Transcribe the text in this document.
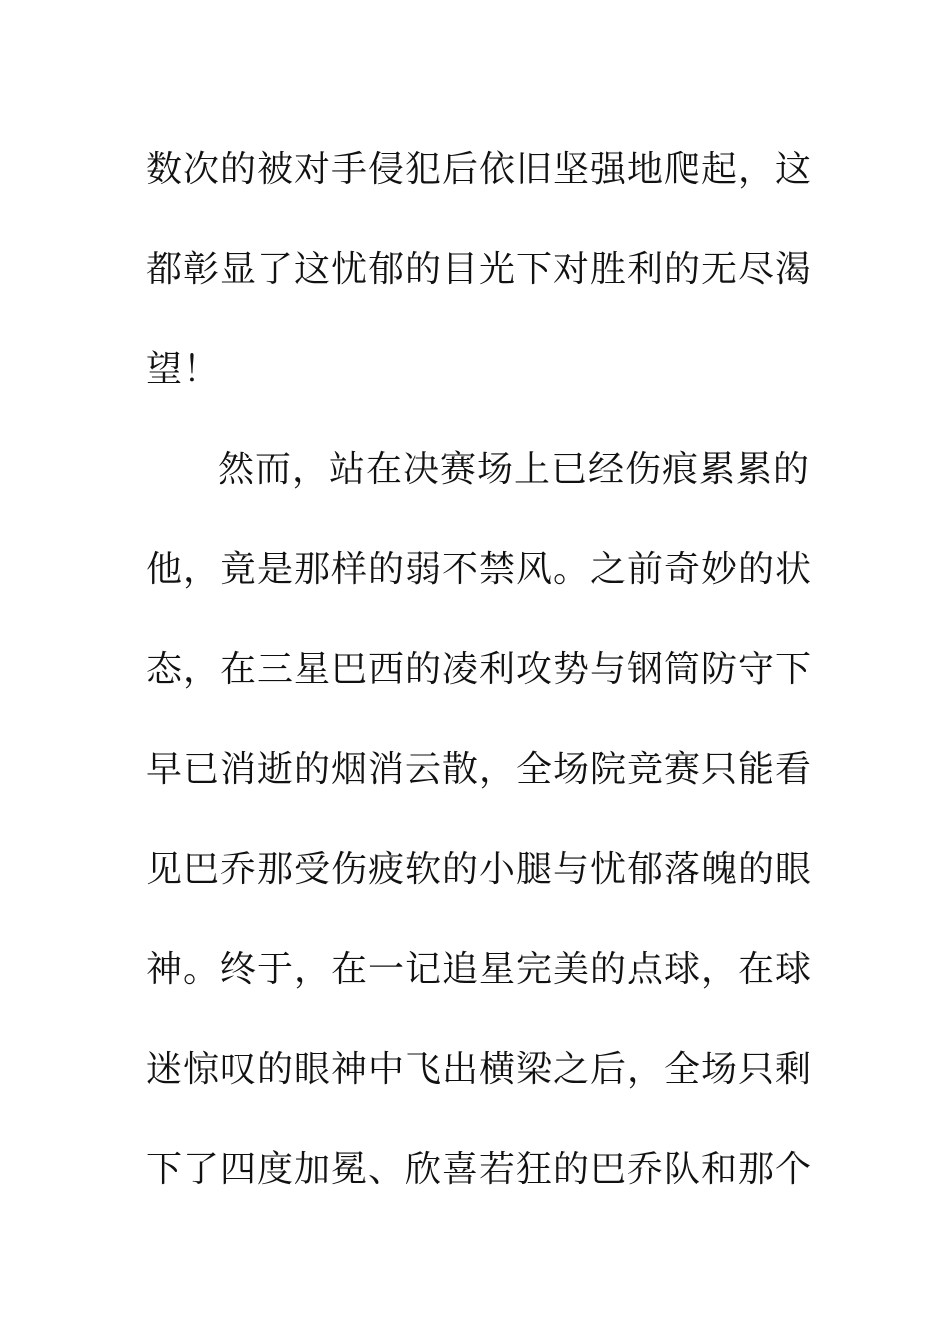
数次的被对手侵犯后依旧坚强地爬起，这
都彰显了这忧郁的目光下对胜利的无尽渴
望！
然而，站在决赛场上已经伤痕累累的
他，竟是那样的弱不禁风。之前奇妙的状
态，在三星巴西的凌利攻势与钢筒防守下
早已消逝的烟消云散，全场院竞赛只能看
见巴乔那受伤疲软的小腿与忧郁落魄的眼
神。终于，在一记追星完美的点球，在球
迷惊叹的眼神中飞出横梁之后，全场只剩
下了四度加冕、欣喜若狂的巴乔队和那个
